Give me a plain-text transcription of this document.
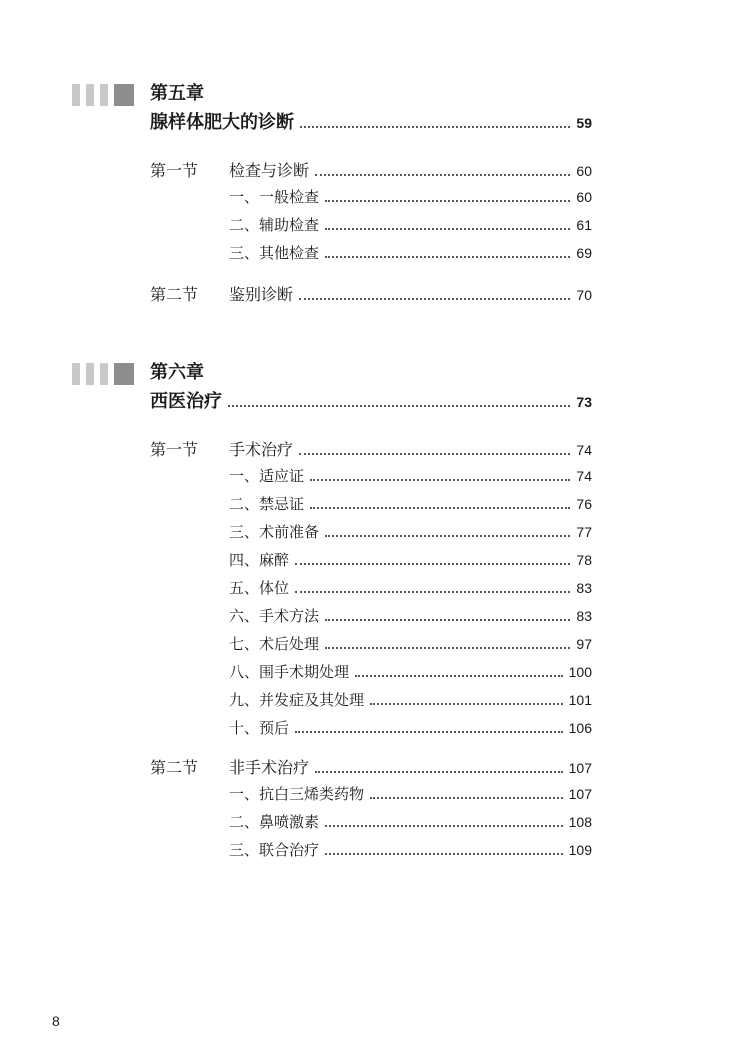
第五章
腺样体肥大的诊断	59
第一节 检查与诊断	60
一、一般检查	60
二、辅助检查	61
三、其他检查	69
第二节 鉴别诊断	70
第六章
西医治疗	73
第一节 手术治疗	74
一、适应证	74
二、禁忌证	76
三、术前准备	77
四、麻醉	78
五、体位	83
六、手术方法	83
七、术后处理	97
八、围手术期处理	100
九、并发症及其处理	101
十、预后	106
第二节 非手术治疗	107
一、抗白三烯类药物	107
二、鼻喷激素	108
三、联合治疗	109
8
